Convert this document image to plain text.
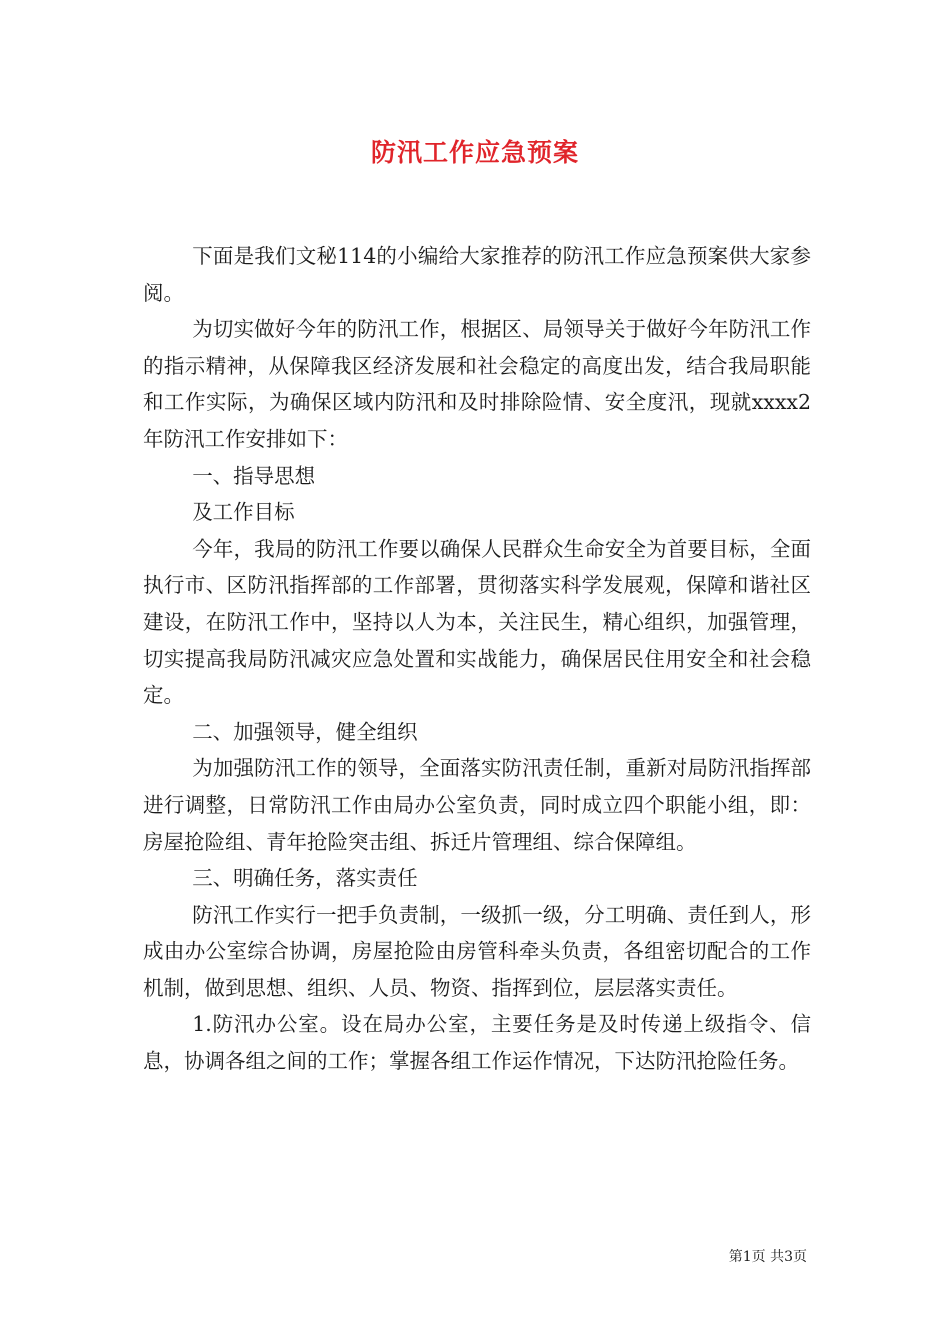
防汛工作应急预案

下面是我们文秘114的小编给大家推荐的防汛工作应急预案供大家参阅。

为切实做好今年的防汛工作，根据区、局领导关于做好今年防汛工作的指示精神，从保障我区经济发展和社会稳定的高度出发，结合我局职能和工作实际，为确保区域内防汛和及时排除险情、安全度汛，现就xxxx2年防汛工作安排如下：

一、指导思想

及工作目标

今年，我局的防汛工作要以确保人民群众生命安全为首要目标，全面执行市、区防汛指挥部的工作部署，贯彻落实科学发展观，保障和谐社区建设，在防汛工作中，坚持以人为本，关注民生，精心组织，加强管理，切实提高我局防汛减灾应急处置和实战能力，确保居民住用安全和社会稳定。

二、加强领导，健全组织

为加强防汛工作的领导，全面落实防汛责任制，重新对局防汛指挥部进行调整，日常防汛工作由局办公室负责，同时成立四个职能小组，即：房屋抢险组、青年抢险突击组、拆迁片管理组、综合保障组。

三、明确任务，落实责任

防汛工作实行一把手负责制，一级抓一级，分工明确、责任到人，形成由办公室综合协调，房屋抢险由房管科牵头负责，各组密切配合的工作机制，做到思想、组织、人员、物资、指挥到位，层层落实责任。

1.防汛办公室。设在局办公室，主要任务是及时传递上级指令、信息，协调各组之间的工作；掌握各组工作运作情况，下达防汛抢险任务。

第1页 共3页
